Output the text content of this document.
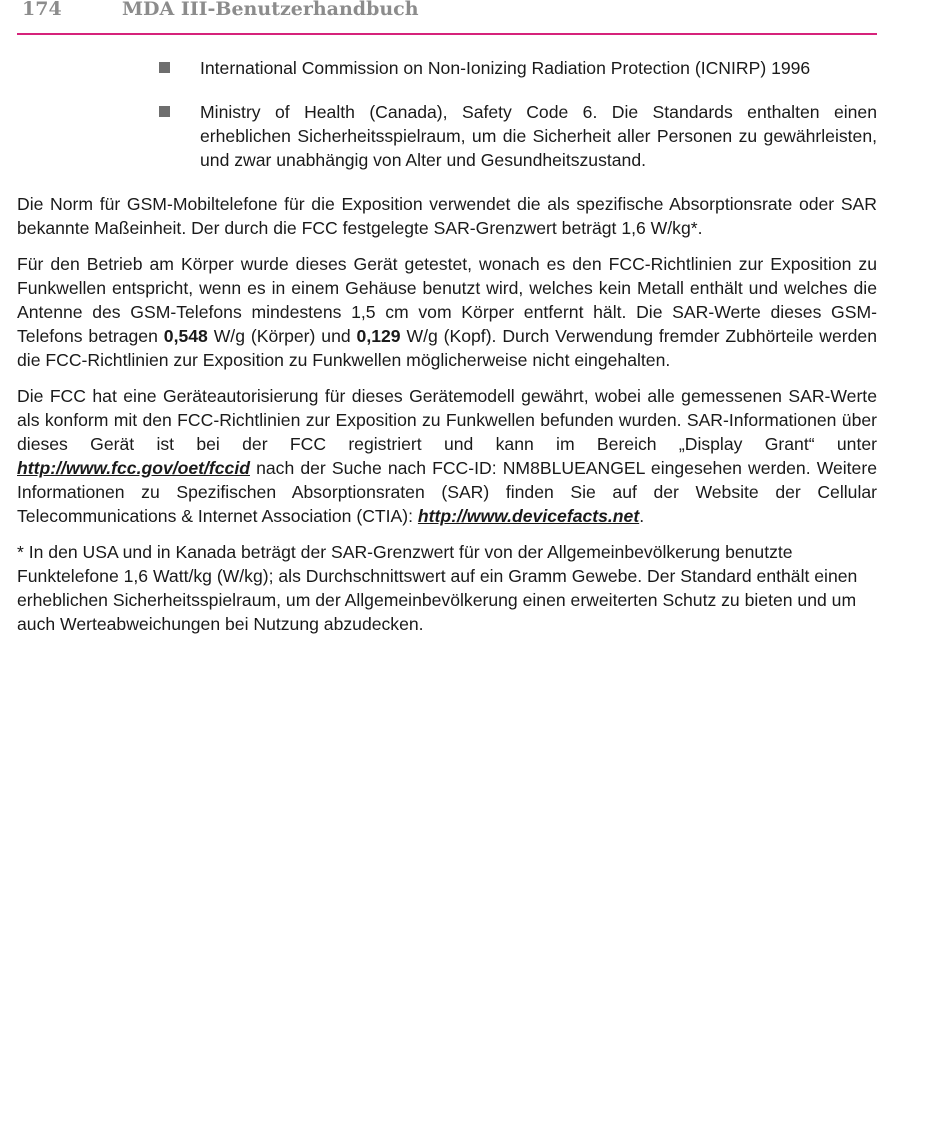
174	MDA III-Benutzerhandbuch
International Commission on Non-Ionizing Radiation Protection (ICNIRP) 1996
Ministry of Health (Canada), Safety Code 6. Die Standards enthalten einen erheblichen Sicherheitsspielraum, um die Sicherheit aller Personen zu gewährleisten, und zwar unabhängig von Alter und Gesundheitszustand.

Die Norm für GSM-Mobiltelefone für die Exposition verwendet die als spezifische Absorptionsrate oder SAR bekannte Maßeinheit. Der durch die FCC festgelegte SAR-Grenzwert beträgt 1,6 W/kg*.

Für den Betrieb am Körper wurde dieses Gerät getestet, wonach es den FCC-Richtlinien zur Exposition zu Funkwellen entspricht, wenn es in einem Gehäuse benutzt wird, welches kein Metall enthält und welches die Antenne des GSM-Telefons mindestens 1,5 cm vom Körper entfernt hält. Die SAR-Werte dieses GSM-Telefons betragen 0,548 W/g (Körper) und 0,129 W/g (Kopf). Durch Verwendung fremder Zubhörteile werden die FCC-Richtlinien zur Exposition zu Funkwellen möglicherweise nicht eingehalten.

Die FCC hat eine Geräteautorisierung für dieses Gerätemodell gewährt, wobei alle gemessenen SAR-Werte als konform mit den FCC-Richtlinien zur Exposition zu Funkwellen befunden wurden. SAR-Informationen über dieses Gerät ist bei der FCC registriert und kann im Bereich „Display Grant“ unter http://www.fcc.gov/oet/fccid nach der Suche nach FCC-ID: NM8BLUEANGEL eingesehen werden. Weitere Informationen zu Spezifischen Absorptionsraten (SAR) finden Sie auf der Website der Cellular Telecommunications & Internet Association (CTIA): http://www.devicefacts.net.

* In den USA und in Kanada beträgt der SAR-Grenzwert für von der Allgemeinbevölkerung benutzte Funktelefone 1,6 Watt/kg (W/kg); als Durchschnittswert auf ein Gramm Gewebe. Der Standard enthält einen erheblichen Sicherheitsspielraum, um der Allgemeinbevölkerung einen erweiterten Schutz zu bieten und um auch Werteabweichungen bei Nutzung abzudecken.
